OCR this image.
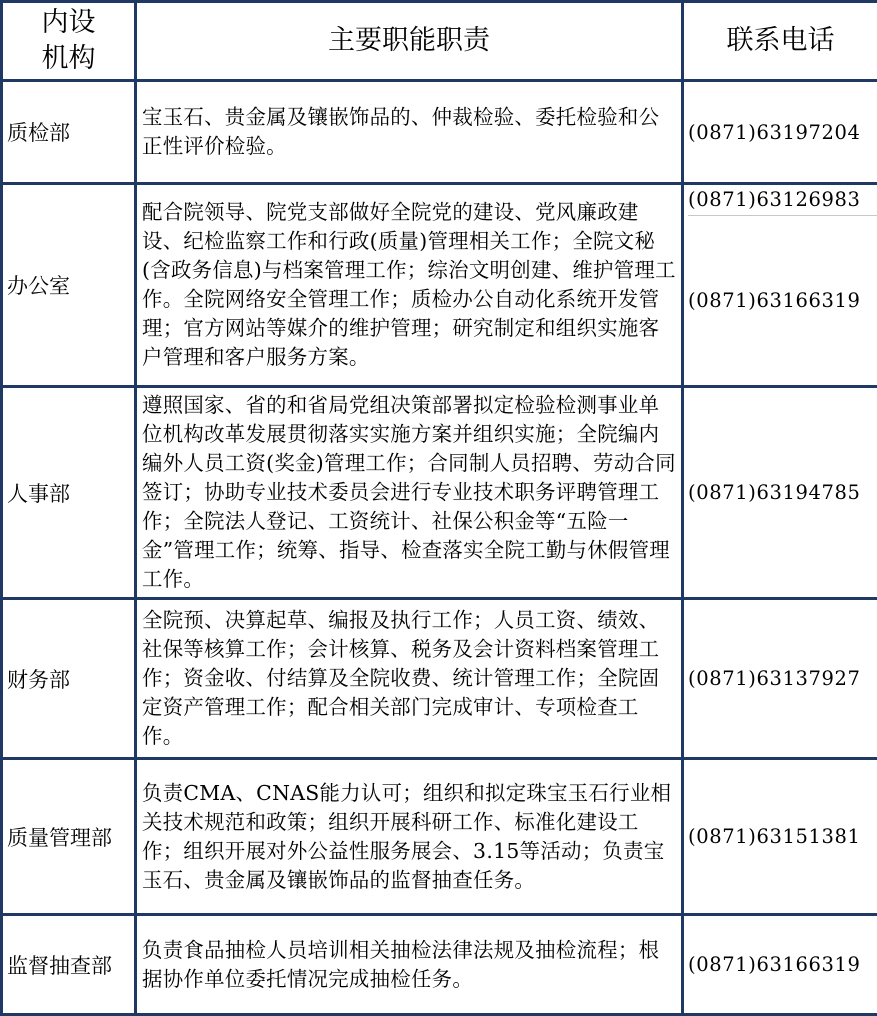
内设
机构	主要职能职责	联系电话
质检部	宝玉石、贵金属及镶嵌饰品的、仲裁检验、委托检验和公正性评价检验。	(0871)63197204
办公室	配合院领导、院党支部做好全院党的建设、党风廉政建设、纪检监察工作和行政(质量)管理相关工作；全院文秘(含政务信息)与档案管理工作；综治文明创建、维护管理工作。全院网络安全管理工作；质检办公自动化系统开发管理；官方网站等媒介的维护管理；研究制定和组织实施客户管理和客户服务方案。	(0871)63126983
(0871)63166319

人事部	遵照国家、省的和省局党组决策部署拟定检验检测事业单位机构改革发展贯彻落实实施方案并组织实施；全院编内编外人员工资(奖金)管理工作；合同制人员招聘、劳动合同签订；协助专业技术委员会进行专业技术职务评聘管理工作；全院法人登记、工资统计、社保公积金等“五险一金”管理工作；统筹、指导、检查落实全院工勤与休假管理工作。	(0871)63194785
财务部	全院预、决算起草、编报及执行工作；人员工资、绩效、社保等核算工作；会计核算、税务及会计资料档案管理工作；资金收、付结算及全院收费、统计管理工作；全院固定资产管理工作；配合相关部门完成审计、专项检查工作。	(0871)63137927
质量管理部	负责CMA、CNAS能力认可；组织和拟定珠宝玉石行业相关技术规范和政策；组织开展科研工作、标准化建设工作；组织开展对外公益性服务展会、3.15等活动；负责宝玉石、贵金属及镶嵌饰品的监督抽查任务。	(0871)63151381
监督抽查部	负责食品抽检人员培训相关抽检法律法规及抽检流程；根据协作单位委托情况完成抽检任务。	(0871)63166319
